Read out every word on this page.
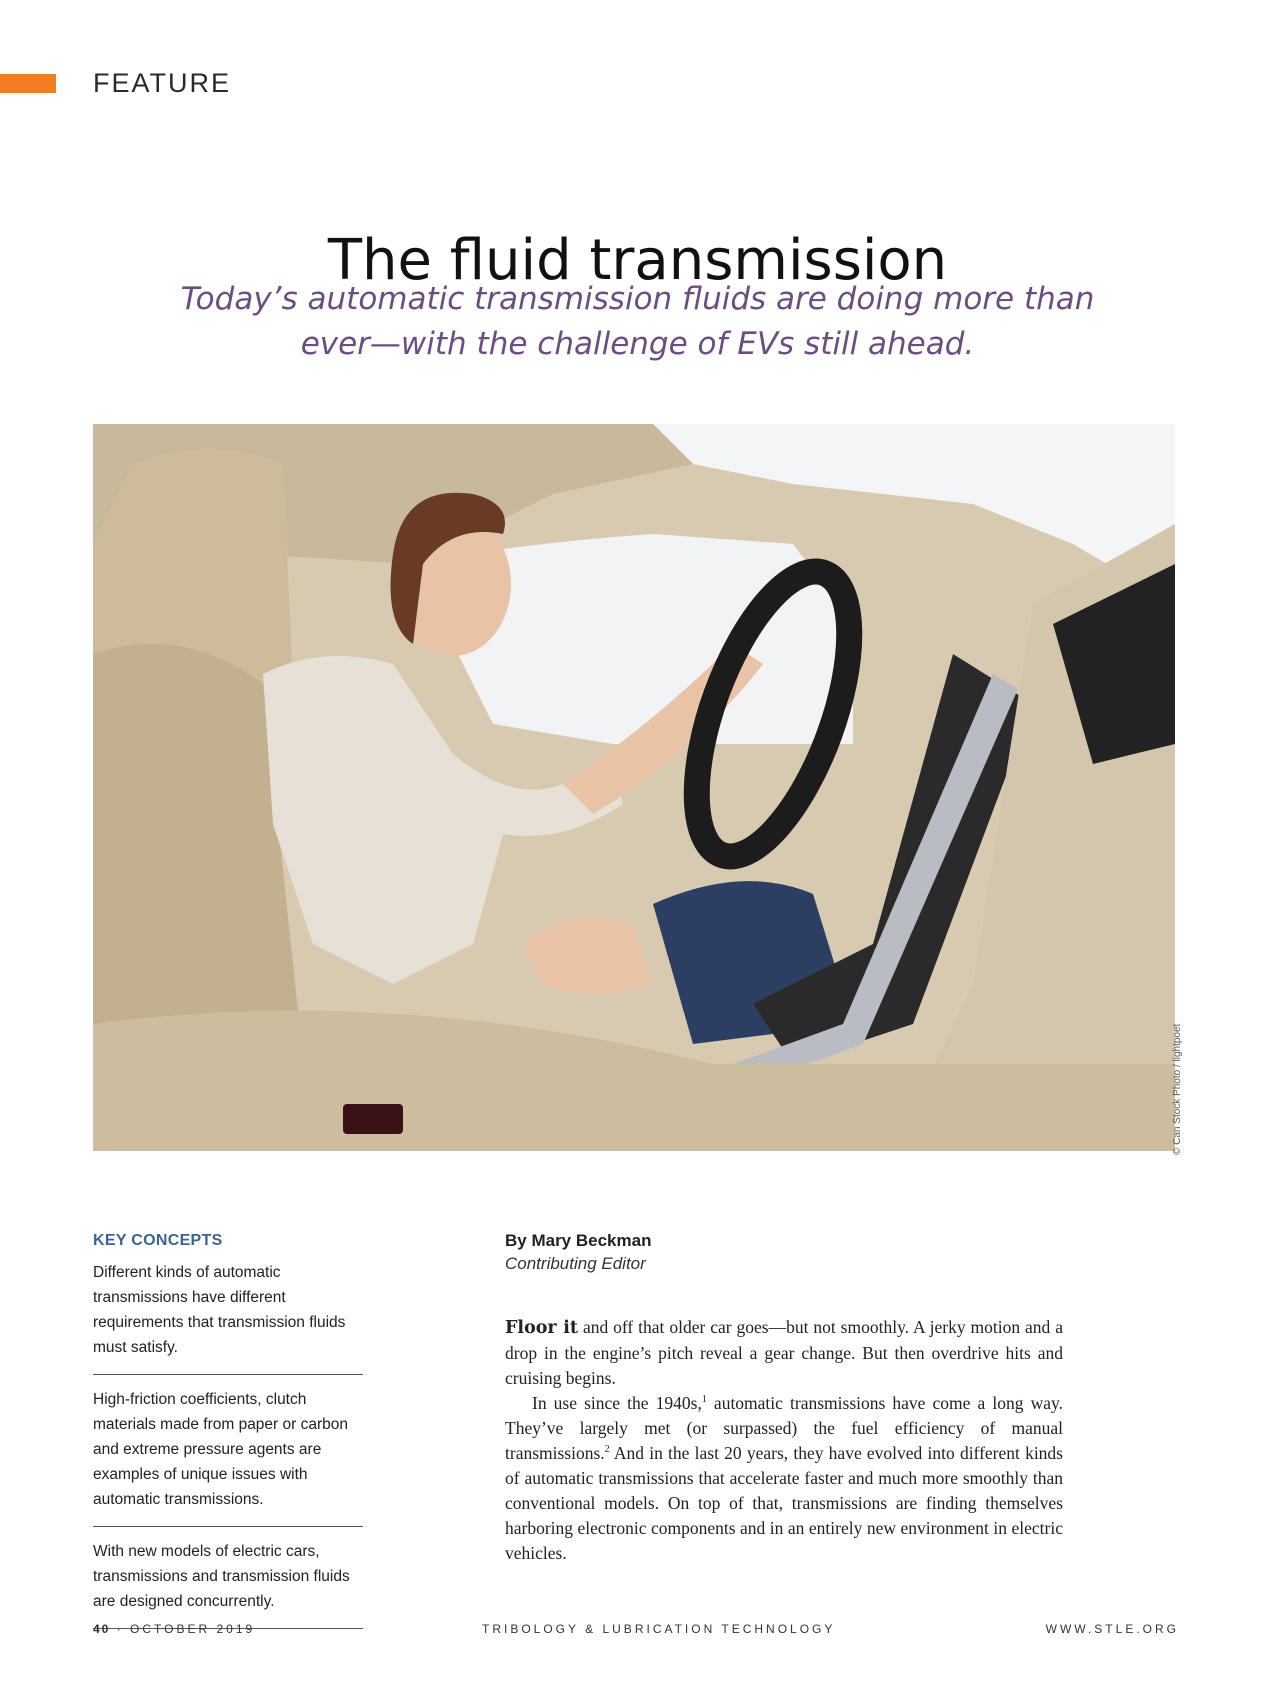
FEATURE
The fluid transmission
Today’s automatic transmission fluids are doing more than ever—with the challenge of EVs still ahead.
© Can Stock Photo / lightpoet
KEY CONCEPTS
Different kinds of automatic transmissions have different requirements that transmission fluids must satisfy.
High-friction coefficients, clutch materials made from paper or carbon and extreme pressure agents are examples of unique issues with automatic transmissions.
With new models of electric cars, transmissions and transmission fluids are designed concurrently.
By Mary Beckman
Contributing Editor

Floor it and off that older car goes—but not smoothly. A jerky motion and a drop in the engine’s pitch reveal a gear change. But then overdrive hits and cruising begins.

In use since the 1940s,$^1$ automatic transmissions have come a long way. They’ve largely met (or surpassed) the fuel efficiency of manual transmissions.$^2$ And in the last 20 years, they have evolved into different kinds of automatic transmissions that accelerate faster and much more smoothly than conventional models. On top of that, transmissions are finding themselves harboring electronic components and in an entirely new environment in electric vehicles.

40 · OCTOBER 2019	TRIBOLOGY & LUBRICATION TECHNOLOGY	WWW.STLE.ORG
